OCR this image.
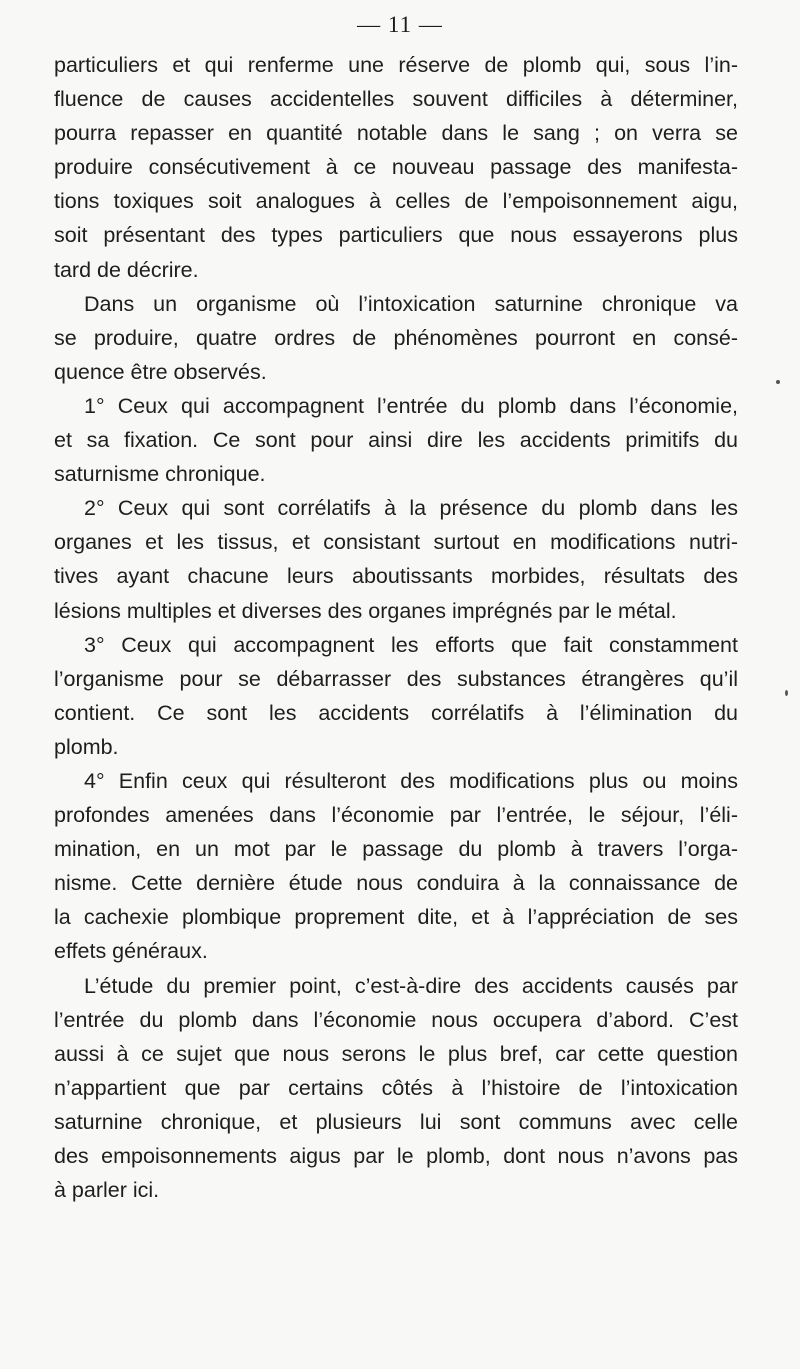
— 11 —
particuliers et qui renferme une réserve de plomb qui, sous l’in-
fluence de causes accidentelles souvent difficiles à déterminer,
pourra repasser en quantité notable dans le sang ; on verra se
produire consécutivement à ce nouveau passage des manifesta-
tions toxiques soit analogues à celles de l’empoisonnement aigu,
soit présentant des types particuliers que nous essayerons plus
tard de décrire.
Dans un organisme où l’intoxication saturnine chronique va
se produire, quatre ordres de phénomènes pourront en consé-
quence être observés.
1° Ceux qui accompagnent l’entrée du plomb dans l’économie,
et sa fixation. Ce sont pour ainsi dire les accidents primitifs du
saturnisme chronique.
2° Ceux qui sont corrélatifs à la présence du plomb dans les
organes et les tissus, et consistant surtout en modifications nutri-
tives ayant chacune leurs aboutissants morbides, résultats des
lésions multiples et diverses des organes imprégnés par le métal.
3° Ceux qui accompagnent les efforts que fait constamment
l’organisme pour se débarrasser des substances étrangères qu’il
contient. Ce sont les accidents corrélatifs à l’élimination du
plomb.
4° Enfin ceux qui résulteront des modifications plus ou moins
profondes amenées dans l’économie par l’entrée, le séjour, l’éli-
mination, en un mot par le passage du plomb à travers l’orga-
nisme. Cette dernière étude nous conduira à la connaissance de
la cachexie plombique proprement dite, et à l’appréciation de ses
effets généraux.
L’étude du premier point, c’est-à-dire des accidents causés par
l’entrée du plomb dans l’économie nous occupera d’abord. C’est
aussi à ce sujet que nous serons le plus bref, car cette question
n’appartient que par certains côtés à l’histoire de l’intoxication
saturnine chronique, et plusieurs lui sont communs avec celle
des empoisonnements aigus par le plomb, dont nous n’avons pas
à parler ici.
